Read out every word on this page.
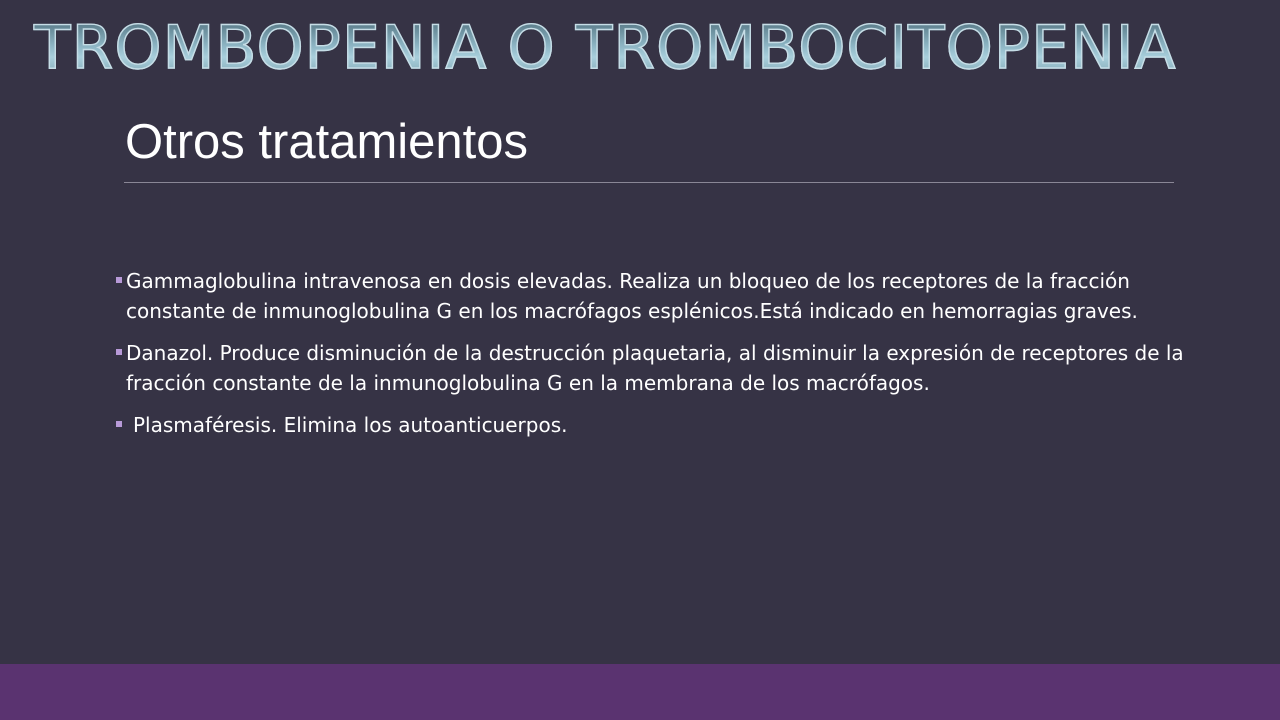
TROMBOPENIA O TROMBOCITOPENIA
Otros tratamientos
Gammaglobulina intravenosa en dosis elevadas. Realiza un bloqueo de los receptores de la fracción constante de inmunoglobulina G en los macrófagos esplénicos.Está indicado en hemorragias graves.
Danazol. Produce disminución de la destrucción plaquetaria, al disminuir la expresión de receptores de la fracción constante de la inmunoglobulina G en la membrana de los macrófagos.
Plasmaféresis. Elimina los autoanticuerpos.
